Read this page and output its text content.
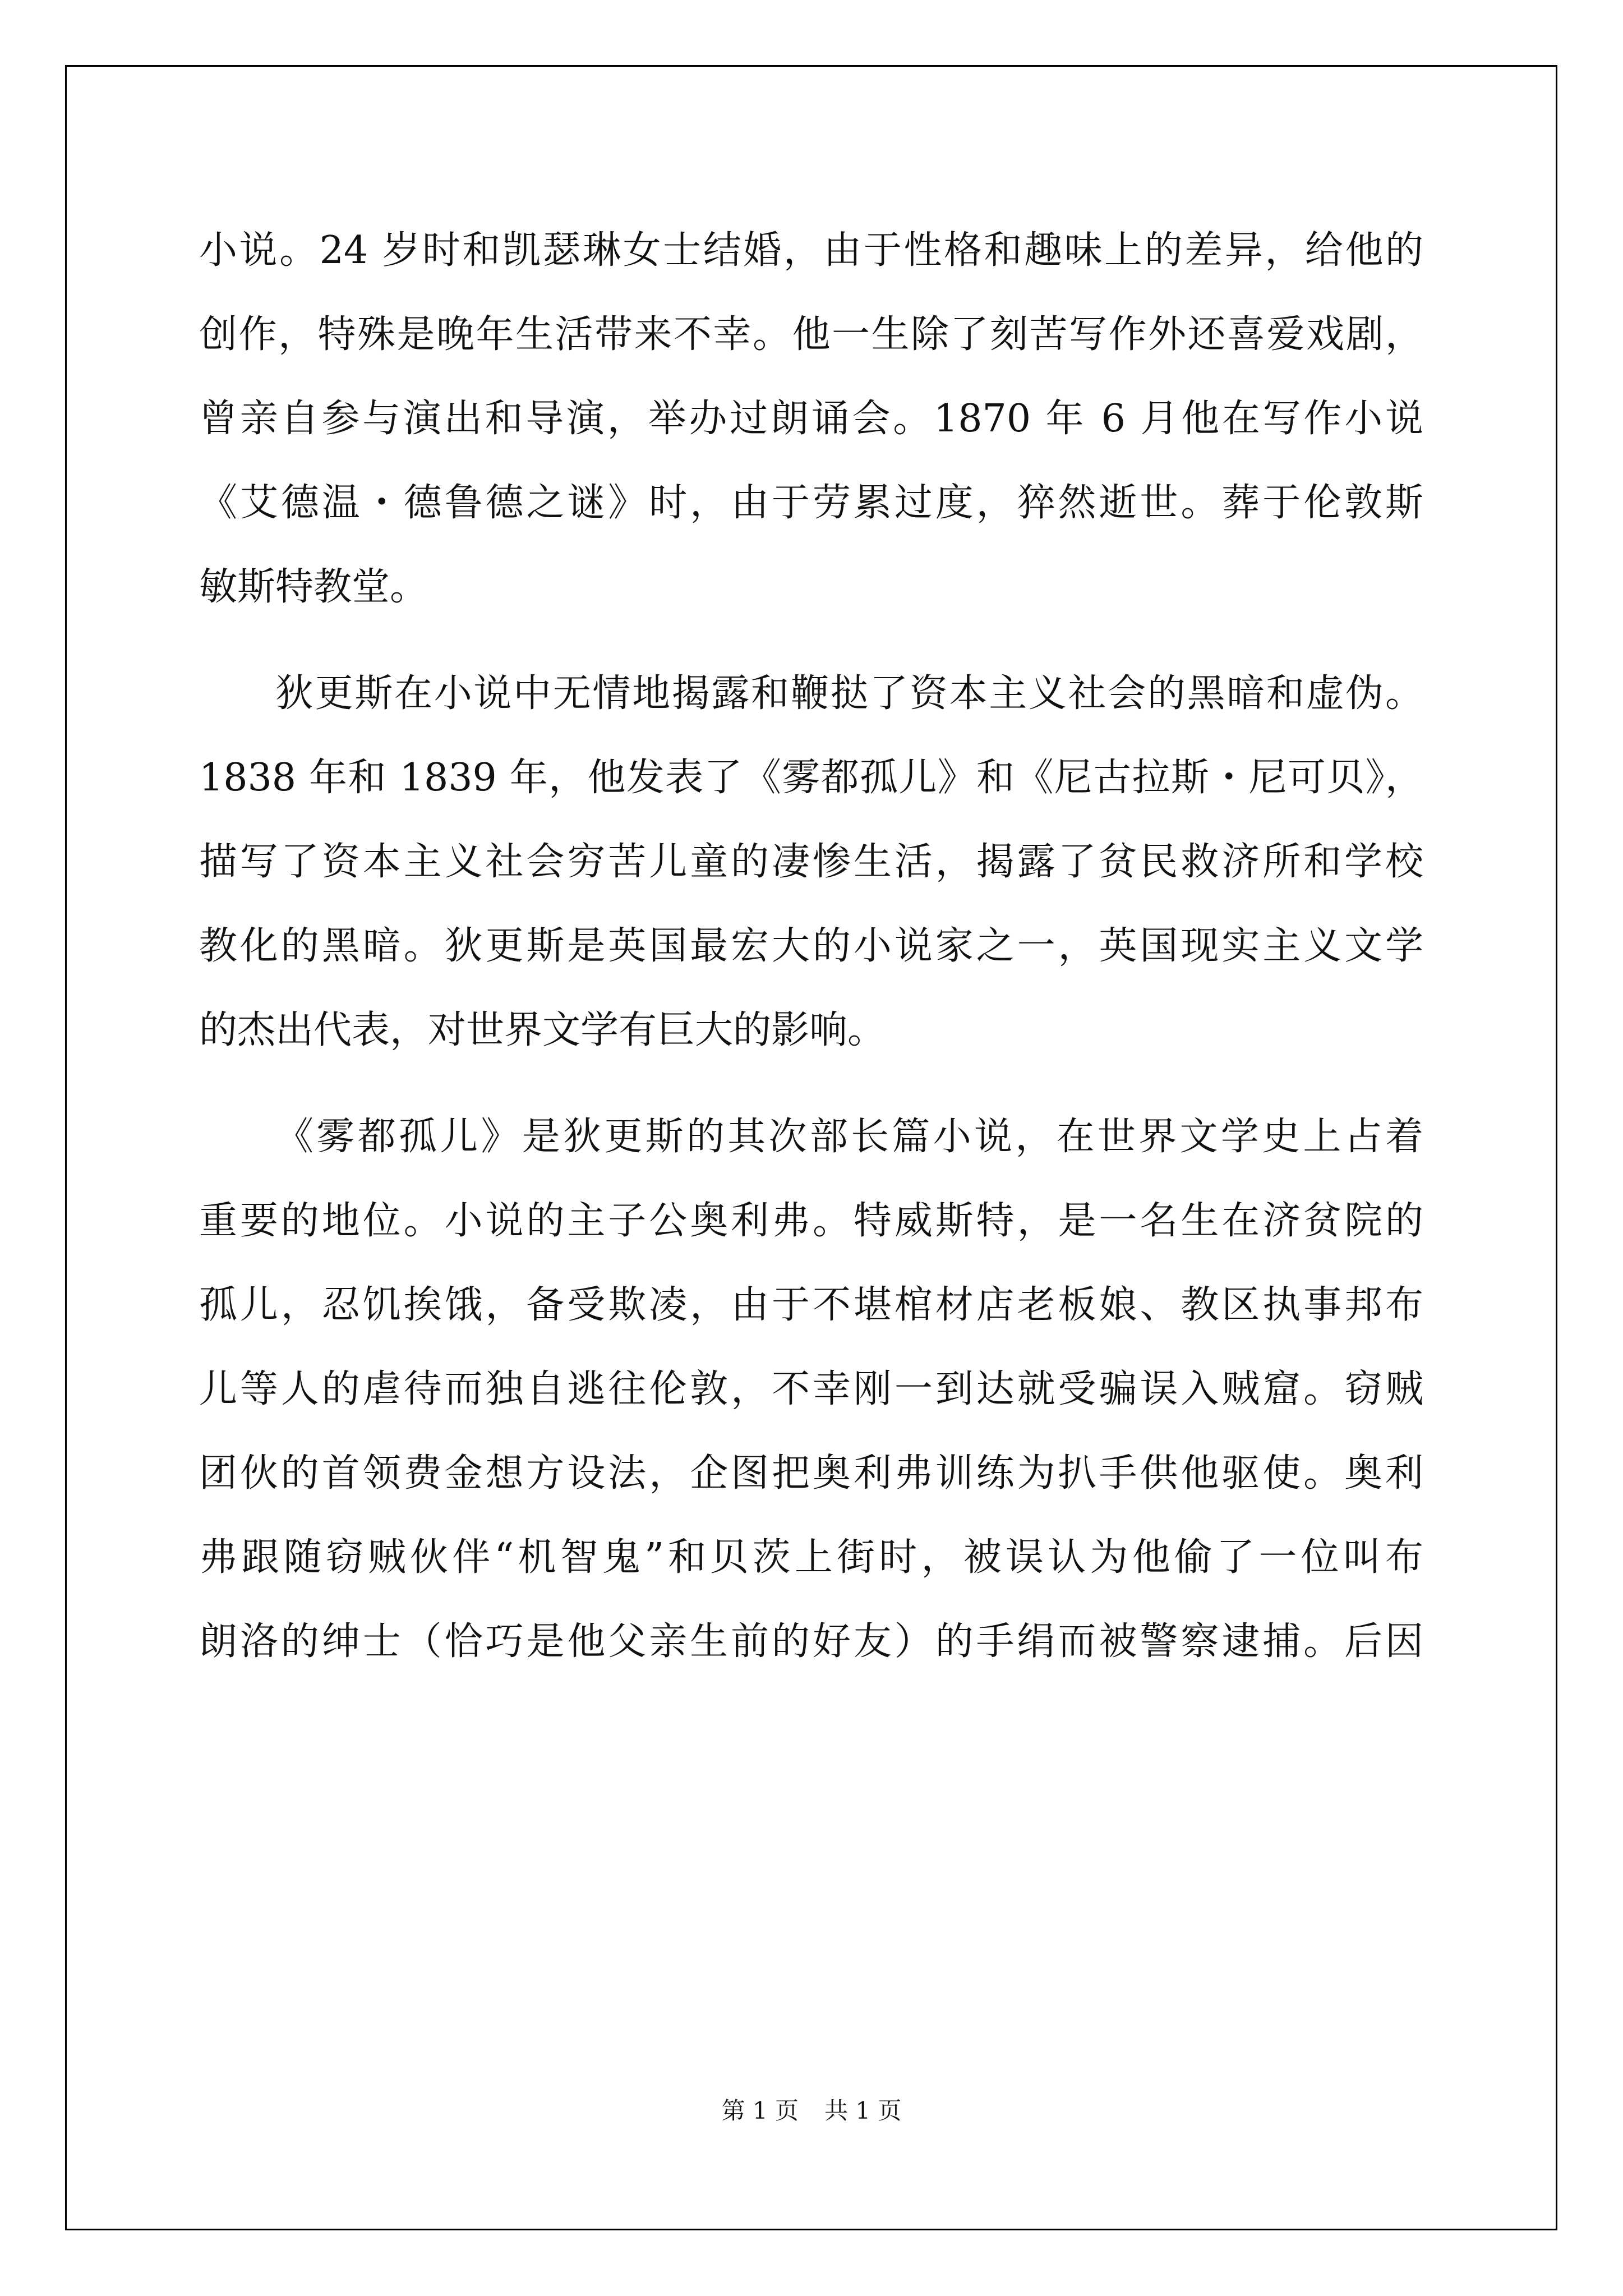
小说。24 岁时和凯瑟琳女士结婚，由于性格和趣味上的差异，给他的
创作，特殊是晚年生活带来不幸。他一生除了刻苦写作外还喜爱戏剧，
曾亲自参与演出和导演，举办过朗诵会。1870 年 6 月他在写作小说
《艾德温・德鲁德之谜》时，由于劳累过度，猝然逝世。葬于伦敦斯
敏斯特教堂。
狄更斯在小说中无情地揭露和鞭挞了资本主义社会的黑暗和虚伪。
1838 年和 1839 年，他发表了《雾都孤儿》和《尼古拉斯・尼可贝》，
描写了资本主义社会穷苦儿童的凄惨生活，揭露了贫民救济所和学校
教化的黑暗。狄更斯是英国最宏大的小说家之一，英国现实主义文学
的杰出代表，对世界文学有巨大的影响。
《雾都孤儿》是狄更斯的其次部长篇小说，在世界文学史上占着
重要的地位。小说的主子公奥利弗。特威斯特，是一名生在济贫院的
孤儿，忍饥挨饿，备受欺凌，由于不堪棺材店老板娘、教区执事邦布
儿等人的虐待而独自逃往伦敦，不幸刚一到达就受骗误入贼窟。窃贼
团伙的首领费金想方设法，企图把奥利弗训练为扒手供他驱使。奥利
弗跟随窃贼伙伴“机智鬼”和贝茨上街时，被误认为他偷了一位叫布
朗洛的绅士（恰巧是他父亲生前的好友）的手绢而被警察逮捕。后因
第 1 页 共 1 页
